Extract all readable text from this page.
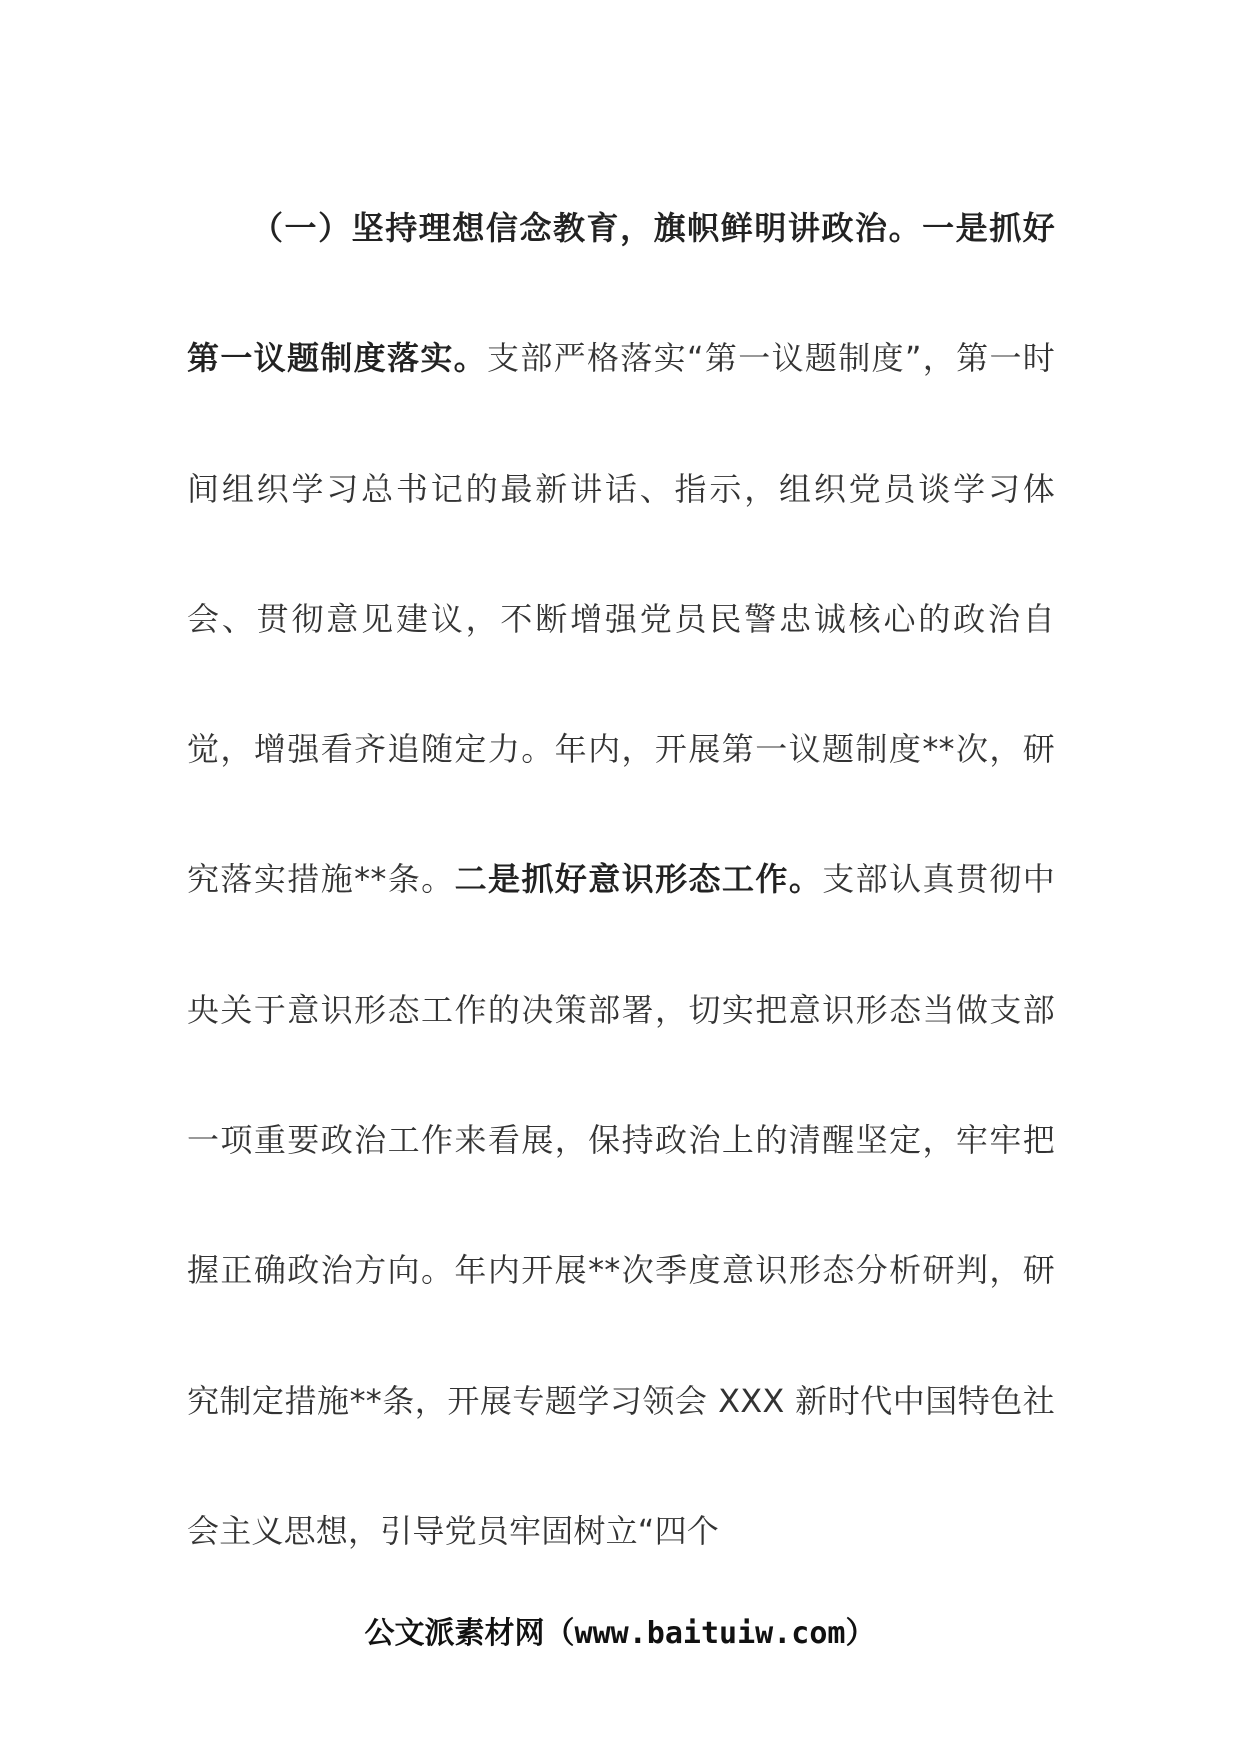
（一）坚持理想信念教育，旗帜鲜明讲政治。一是抓好第一议题制度落实。支部严格落实“第一议题制度”，第一时间组织学习总书记的最新讲话、指示，组织党员谈学习体会、贯彻意见建议，不断增强党员民警忠诚核心的政治自觉，增强看齐追随定力。年内，开展第一议题制度**次，研究落实措施**条。二是抓好意识形态工作。支部认真贯彻中央关于意识形态工作的决策部署，切实把意识形态当做支部一项重要政治工作来看展，保持政治上的清醒坚定，牢牢把握正确政治方向。年内开展**次季度意识形态分析研判，研究制定措施**条，开展专题学习领会 XXX 新时代中国特色社会主义思想，引导党员牢固树立“四个

公文派素材网（www.baituiw.com）
